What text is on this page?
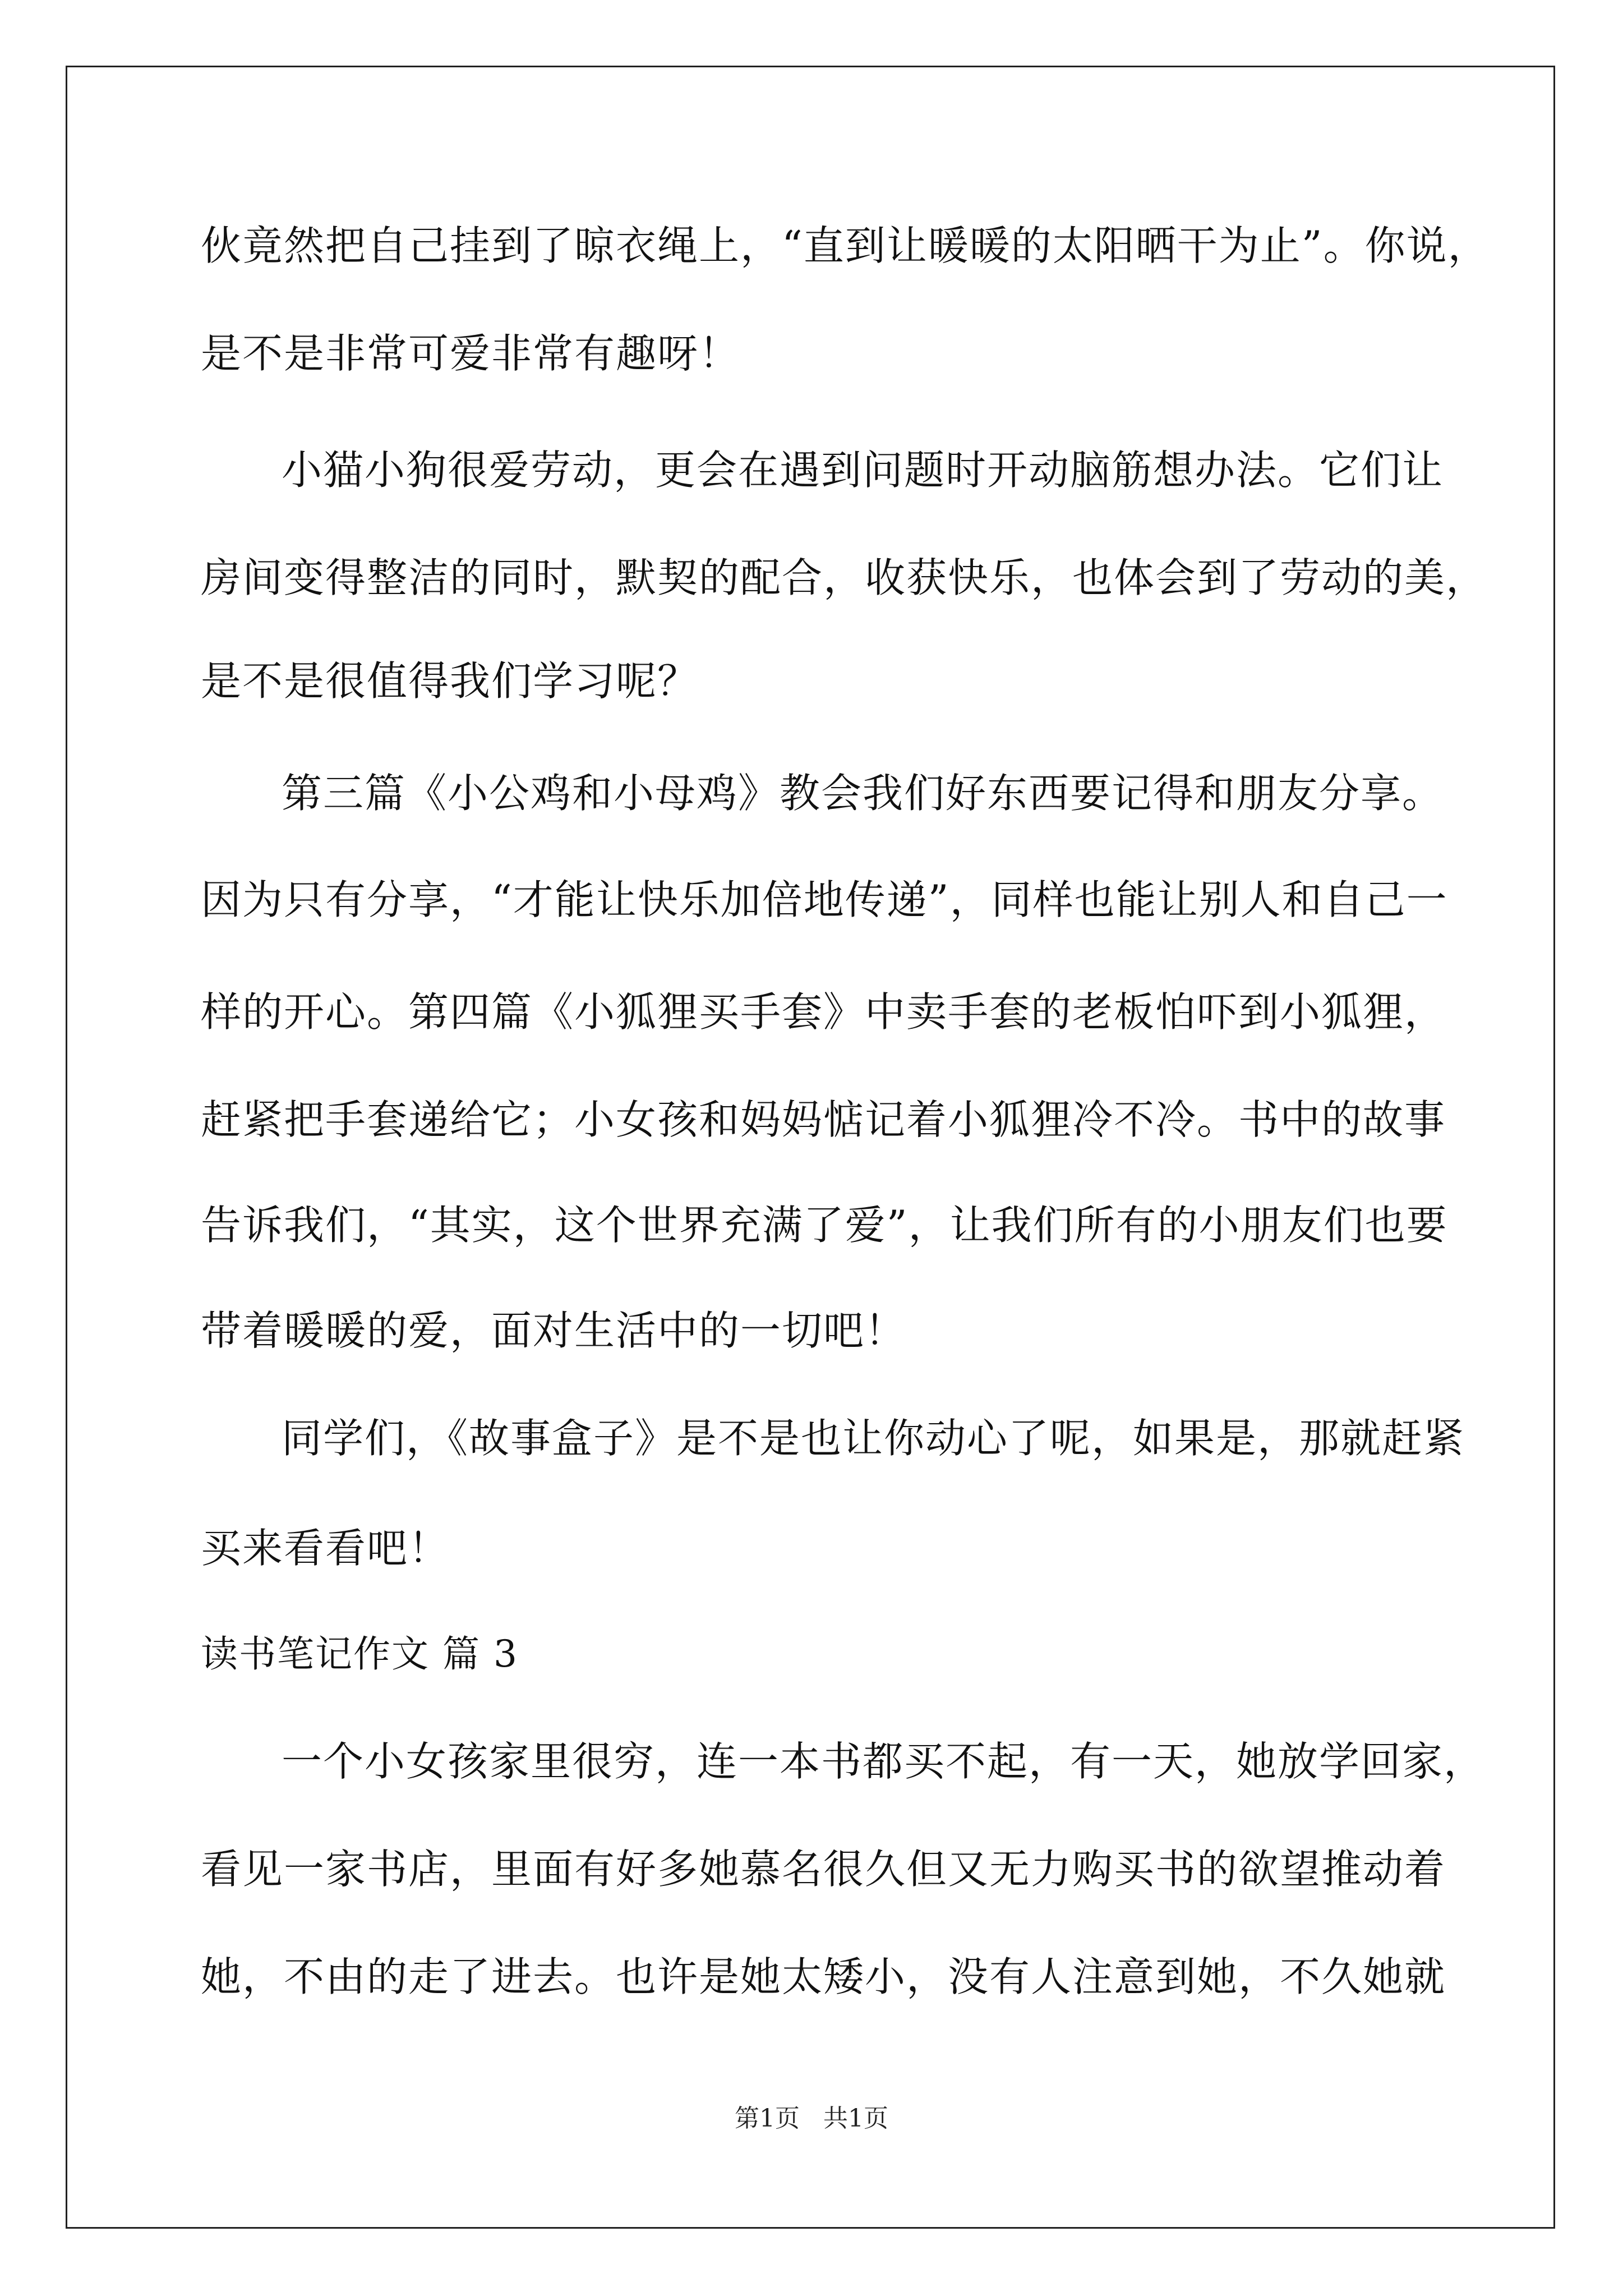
伙竟然把自己挂到了晾衣绳上，“直到让暖暖的太阳晒干为止”。你说，
是不是非常可爱非常有趣呀！
小猫小狗很爱劳动，更会在遇到问题时开动脑筋想办法。它们让
房间变得整洁的同时，默契的配合，收获快乐，也体会到了劳动的美，
是不是很值得我们学习呢？
第三篇《小公鸡和小母鸡》教会我们好东西要记得和朋友分享。
因为只有分享，“才能让快乐加倍地传递”，同样也能让别人和自己一
样的开心。第四篇《小狐狸买手套》中卖手套的老板怕吓到小狐狸，
赶紧把手套递给它；小女孩和妈妈惦记着小狐狸冷不冷。书中的故事
告诉我们，“其实，这个世界充满了爱”，让我们所有的小朋友们也要
带着暖暖的爱，面对生活中的一切吧！
同学们，《故事盒子》是不是也让你动心了呢，如果是，那就赶紧
买来看看吧！
读书笔记作文 篇 3
一个小女孩家里很穷，连一本书都买不起，有一天，她放学回家，
看见一家书店，里面有好多她慕名很久但又无力购买书的欲望推动着
她，不由的走了进去。也许是她太矮小，没有人注意到她，不久她就
第1页   共1页
